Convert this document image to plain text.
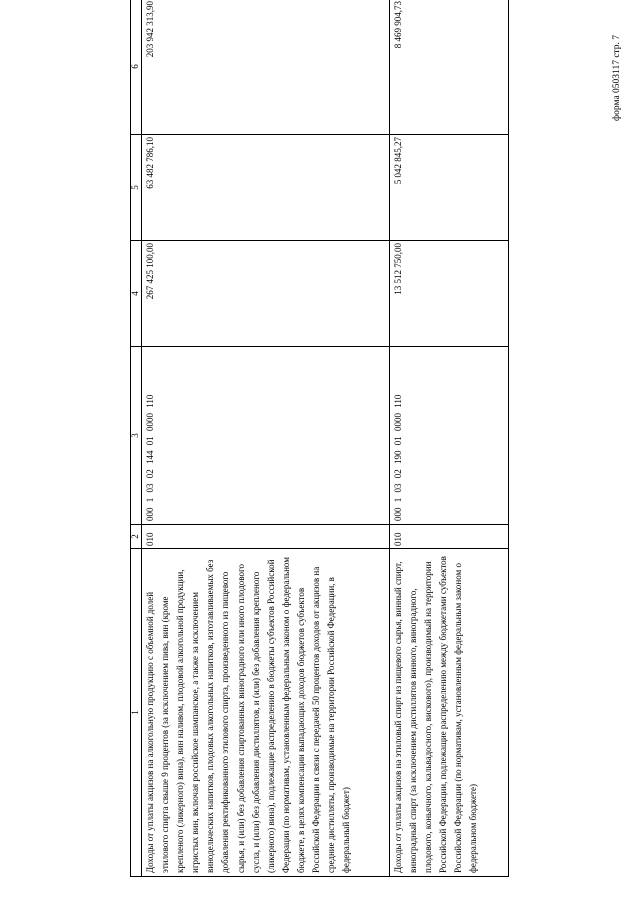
форма 0503117 стр. 7
1	2	3	4	5	6
Доходы от уплаты акцизов на алкогольную продукцию с объемной долей этилового спирта свыше 9 процентов (за исключением пива, вин (кроме крепленого (ликерного) вина), вин наливом, плодовой алкогольной продукции, игристых вин, включая российское шампанское, а также за исключением винодельческих напитков, плодовых алкогольных напитков, изготавливаемых без добавления ректификованного этилового спирта, произведенного из пищевого сырья, и (или) без добавления спиртованных виноградного или иного плодового сусла, и (или) без добавления дистиллятов, и (или) без добавления крепленого (ликерного) вина), подлежащие распределению в бюджеты субъектов Российской Федерации (по нормативам, установленным федеральным законом о федеральном бюджете, в целях компенсации выпадающих доходов бюджетов субъектов Российской Федерации в связи с передачей 50 процентов доходов от акцизов на средние дистилляты, производимые на территории Российской Федерации, в федеральный бюджет)	010	000 1 03 02 144 01 0000 110	267 425 100,00	63 482 786,10	203 942 313,90
Доходы от уплаты акцизов на этиловый спирт из пищевого сырья, винный спирт, виноградный спирт (за исключением дистиллятов винного, виноградного, плодового, коньячного, кальвадосного, вискового), производимый на территории Российской Федерации, подлежащие распределению между бюджетами субъектов Российской Федерации (по нормативам, установленным федеральным законом о федеральном бюджете)	010	000 1 03 02 190 01 0000 110	13 512 750,00	5 042 845,27	8 469 904,73
